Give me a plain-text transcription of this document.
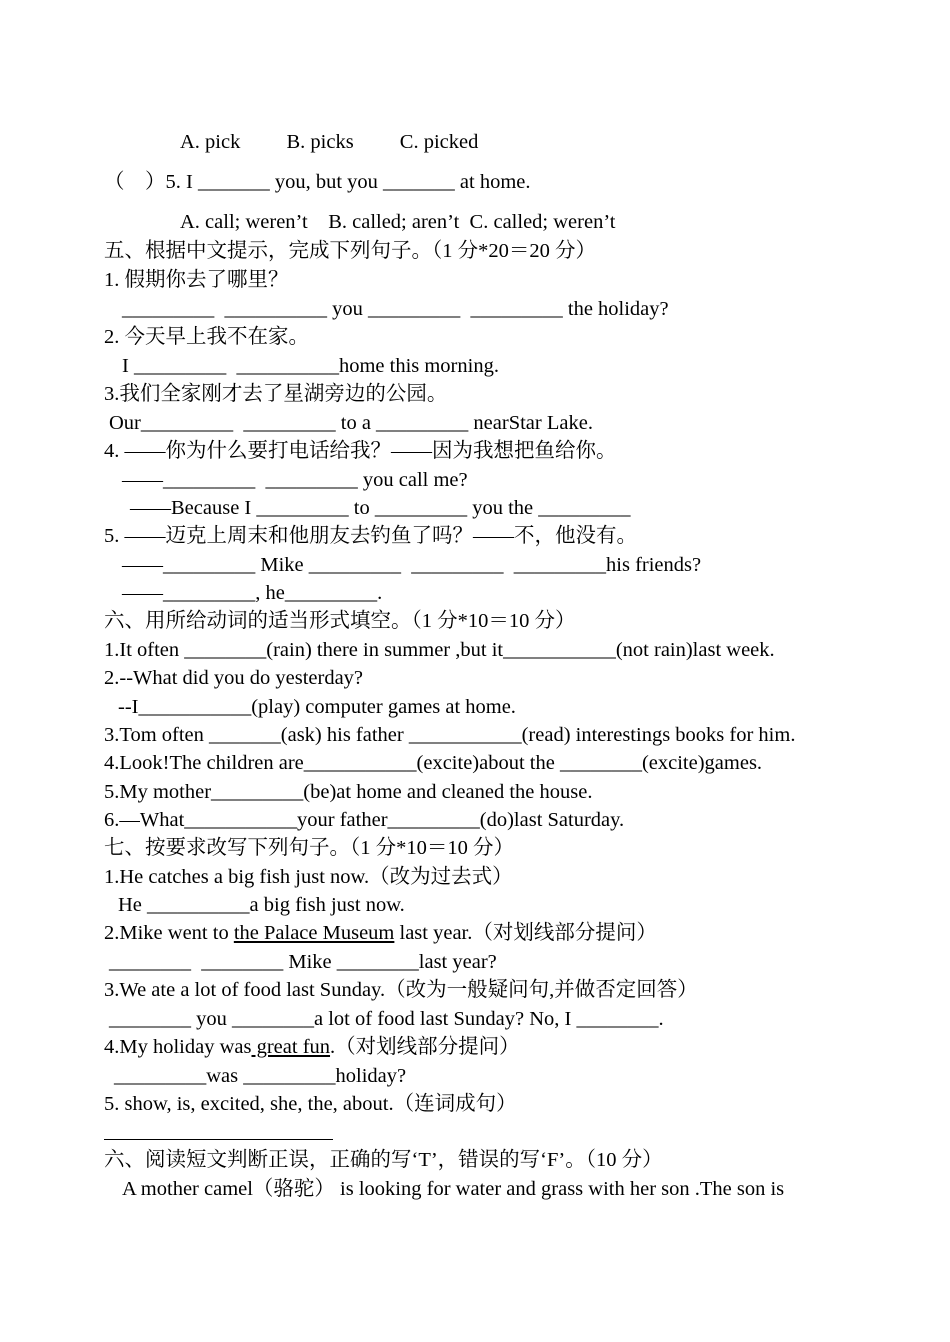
A. pick         B. picks         C. picked
（    ）5. I _______ you, but you _______ at home.
A. call; weren’t    B. called; aren’t  C. called; weren’t
五、根据中文提示，完成下列句子。（1 分*20＝20 分）
1. 假期你去了哪里？
_________  __________ you _________  _________ the holiday?
2. 今天早上我不在家。
I _________  __________home this morning.
3.我们全家刚才去了星湖旁边的公园。
Our_________  _________ to a _________ nearStar Lake.
4. ――你为什么要打电话给我？――因为我想把鱼给你。
――_________  _________ you call me?
――Because I _________ to _________ you the _________
5. ――迈克上周末和他朋友去钓鱼了吗？――不，他没有。
――_________ Mike _________  _________  _________his friends?
――_________, he_________.
六、用所给动词的适当形式填空。（1 分*10＝10 分）
1.It often ________(rain) there in summer ,but it___________(not rain)last week.
2.--What did you do yesterday?
--I___________(play) computer games at home.
3.Tom often _______(ask) his father ___________(read) interestings books for him.
4.Look!The children are___________(excite)about the ________(excite)games.
5.My mother_________(be)at home and cleaned the house.
6.—What___________your father_________(do)last Saturday.
七、按要求改写下列句子。（1 分*10＝10 分）
1.He catches a big fish just now.（改为过去式）
He __________a big fish just now.
2.Mike went to the Palace Museum last year.（对划线部分提问）
________  ________ Mike ________last year?
3.We ate a lot of food last Sunday.（改为一般疑问句,并做否定回答）
________ you ________a lot of food last Sunday? No, I ________.
4.My holiday was great fun.（对划线部分提问）
_________was _________holiday?
5. show, is, excited, she, the, about.（连词成句）
六、阅读短文判断正误，正确的写‘T’，错误的写‘F’。（10 分）
A mother camel（骆驼） is looking for water and grass with her son .The son is
